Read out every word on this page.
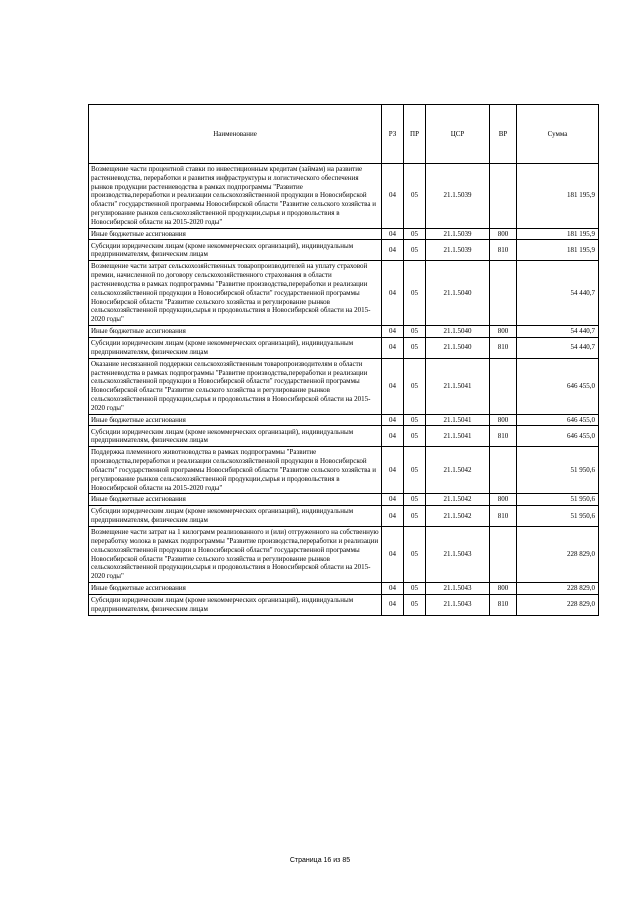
Наименование	РЗ	ПР	ЦСР	ВР	Сумма
Возмещение части процентной ставки по инвестиционным кредитам (займам) на развитие растениеводства, переработки и развития инфраструктуры и логистического обеспечения рынков продукции растениеводства в рамках подпрограммы "Развитие производства,переработки и реализации сельскохозяйственной продукции в Новосибирской области" государственной программы Новосибирской области "Развитие сельского хозяйства и регулирование рынков сельскохозяйственной продукции,сырья и продовольствия в Новосибирской области на 2015-2020 годы"	04	05	21.1.5039		181 195,9
Иные бюджетные ассигнования	04	05	21.1.5039	800	181 195,9
Субсидии юридическим лицам (кроме некоммерческих организаций), индивидуальным предпринимателям, физическим лицам	04	05	21.1.5039	810	181 195,9
Возмещение части затрат сельскохозяйственных товаропроизводителей на уплату страховой премии, начисленной по договору сельскохозяйственного страхования в области растениеводства в рамках подпрограммы "Развитие производства,переработки и реализации сельскохозяйственной продукции в Новосибирской области" государственной программы Новосибирской области "Развитие сельского хозяйства и регулирование рынков сельскохозяйственной продукции,сырья и продовольствия в Новосибирской области на 2015-2020 годы"	04	05	21.1.5040		54 440,7
Иные бюджетные ассигнования	04	05	21.1.5040	800	54 440,7
Субсидии юридическим лицам (кроме некоммерческих организаций), индивидуальным предпринимателям, физическим лицам	04	05	21.1.5040	810	54 440,7
Оказание несвязанной поддержки сельскохозяйственным товаропроизводителям в области растениеводства в рамках подпрограммы "Развитие производства,переработки и реализации сельскохозяйственной продукции в Новосибирской области" государственной программы Новосибирской области "Развитие сельского хозяйства и регулирование рынков сельскохозяйственной продукции,сырья и продовольствия в Новосибирской области на 2015-2020 годы"	04	05	21.1.5041		646 455,0
Иные бюджетные ассигнования	04	05	21.1.5041	800	646 455,0
Субсидии юридическим лицам (кроме некоммерческих организаций), индивидуальным предпринимателям, физическим лицам	04	05	21.1.5041	810	646 455,0
Поддержка племенного животноводства в рамках подпрограммы "Развитие производства,переработки и реализации сельскохозяйственной продукции в Новосибирской области" государственной программы Новосибирской области "Развитие сельского хозяйства и регулирование рынков сельскохозяйственной продукции,сырья и продовольствия в Новосибирской области на 2015-2020 годы"	04	05	21.1.5042		51 950,6
Иные бюджетные ассигнования	04	05	21.1.5042	800	51 950,6
Субсидии юридическим лицам (кроме некоммерческих организаций), индивидуальным предпринимателям, физическим лицам	04	05	21.1.5042	810	51 950,6
Возмещение части затрат на 1 килограмм реализованного и (или) отгруженного на собственную переработку молока в рамках подпрограммы "Развитие производства,переработки и реализации сельскохозяйственной продукции в Новосибирской области" государственной программы Новосибирской области "Развитие сельского хозяйства и регулирование рынков сельскохозяйственной продукции,сырья и продовольствия в Новосибирской области на 2015-2020 годы"	04	05	21.1.5043		228 829,0
Иные бюджетные ассигнования	04	05	21.1.5043	800	228 829,0
Субсидии юридическим лицам (кроме некоммерческих организаций), индивидуальным предпринимателям, физическим лицам	04	05	21.1.5043	810	228 829,0
Страница 16 из 85
